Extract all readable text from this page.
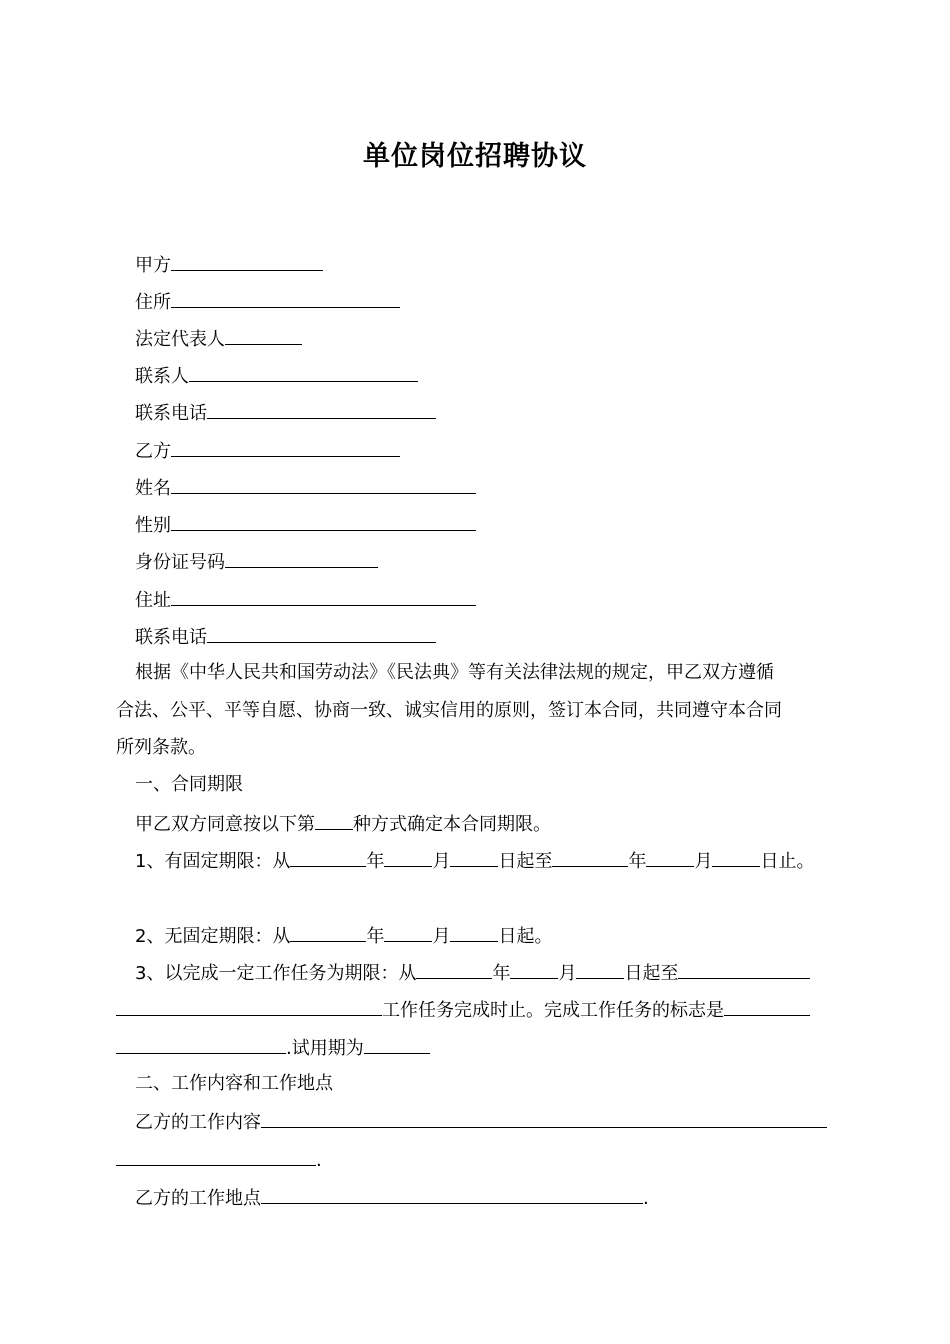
单位岗位招聘协议
甲方
住所
法定代表人
联系人
联系电话
乙方
姓名
性别
身份证号码
住址
联系电话
根据《中华人民共和国劳动法》《民法典》等有关法律法规的规定，甲乙双方遵循
合法、公平、平等自愿、协商一致、诚实信用的原则，签订本合同，共同遵守本合同
所列条款。
一、合同期限
甲乙双方同意按以下第 种方式确定本合同期限。
1、有固定期限：从	年	月	日起至	年	月	日止。
2、无固定期限：从	年	月	日起。
3、以完成一定工作任务为期限：从	年	月	日起至
工作任务完成时止。完成工作任务的标志是
.试用期为
二、工作内容和工作地点
乙方的工作内容
.
乙方的工作地点	.
